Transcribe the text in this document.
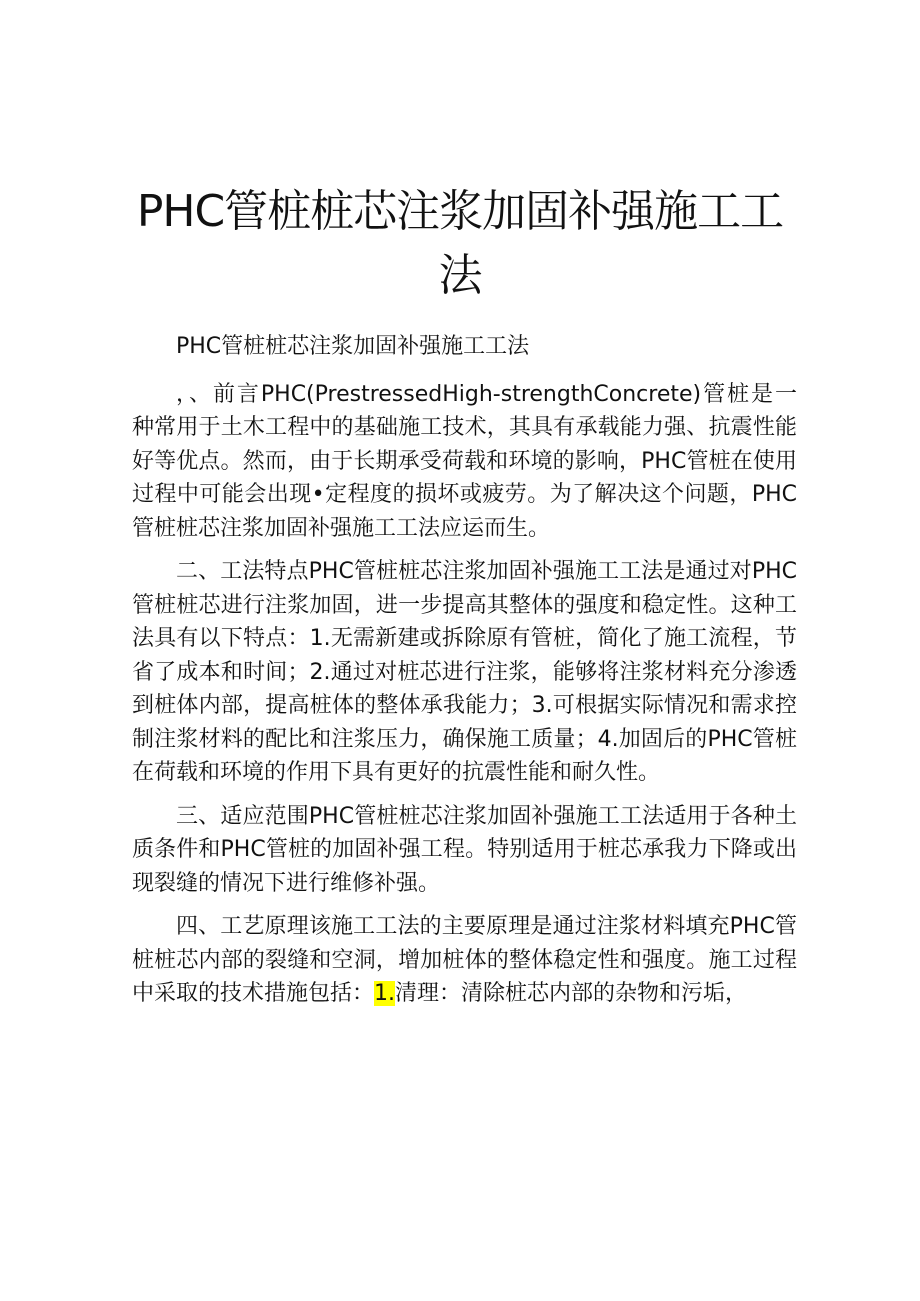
PHC管桩桩芯注浆加固补强施工工法

PHC管桩桩芯注浆加固补强施工工法

，、前言PHC(PrestressedHigh-strengthConcrete)管桩是一种常用于土木工程中的基础施工技术，其具有承载能力强、抗震性能好等优点。然而，由于长期承受荷载和环境的影响，PHC管桩在使用过程中可能会出现•定程度的损坏或疲劳。为了解决这个问题，PHC管桩桩芯注浆加固补强施工工法应运而生。

二、工法特点PHC管桩桩芯注浆加固补强施工工法是通过对PHC管桩桩芯进行注浆加固，进一步提高其整体的强度和稳定性。这种工法具有以下特点：1.无需新建或拆除原有管桩，简化了施工流程，节省了成本和时间；2.通过对桩芯进行注浆，能够将注浆材料充分渗透到桩体内部，提高桩体的整体承我能力；3.可根据实际情况和需求控制注浆材料的配比和注浆压力，确保施工质量；4.加固后的PHC管桩在荷载和环境的作用下具有更好的抗震性能和耐久性。

三、适应范围PHC管桩桩芯注浆加固补强施工工法适用于各种土质条件和PHC管桩的加固补强工程。特别适用于桩芯承我力下降或出现裂缝的情况下进行维修补强。

四、工艺原理该施工工法的主要原理是通过注浆材料填充PHC管桩桩芯内部的裂缝和空洞，增加桩体的整体稳定性和强度。施工过程中采取的技术措施包括：1.清理：清除桩芯内部的杂物和污垢，
